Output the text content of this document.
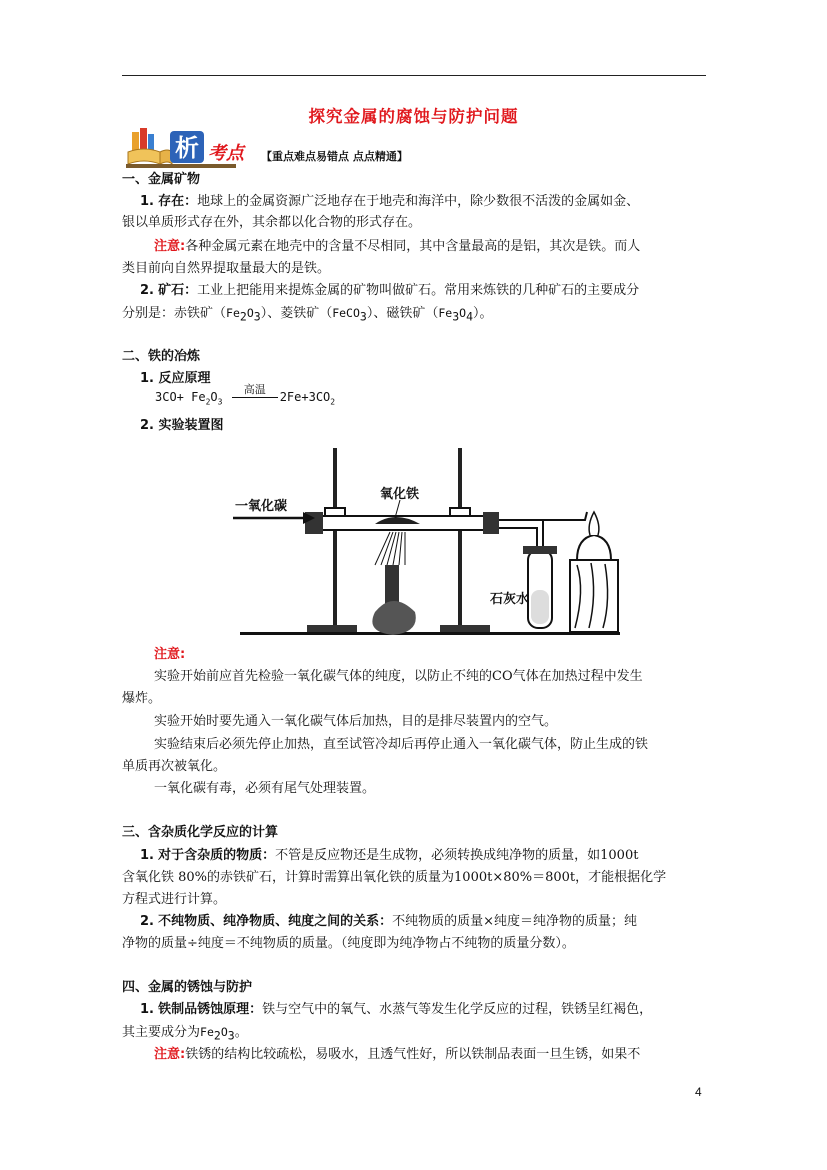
探究金属的腐蚀与防护问题
析 考点 【重点难点易错点 点点精通】
一、金属矿物
1. 存在：地球上的金属资源广泛地存在于地壳和海洋中，除少数很不活泼的金属如金、
银以单质形式存在外，其余都以化合物的形式存在。
注意:各种金属元素在地壳中的含量不尽相同，其中含量最高的是铝，其次是铁。而人
类目前向自然界提取量最大的是铁。
2. 矿石：工业上把能用来提炼金属的矿物叫做矿石。常用来炼铁的几种矿石的主要成分
分别是：赤铁矿$(Fe_2O_3)$、菱铁矿（FeCO$_3$）、磁铁矿$(Fe_3O_4)$。
二、铁的冶炼
1. 反应原理
$3CO+ Fe_2O_3$
高温
$2Fe+3CO_2$
2. 实验装置图
一氧化碳
氧化铁
石灰水
注意:
实验开始前应首先检验一氧化碳气体的纯度，以防止不纯的CO气体在加热过程中发生
爆炸。
实验开始时要先通入一氧化碳气体后加热，目的是排尽装置内的空气。
实验结束后必须先停止加热，直至试管冷却后再停止通入一氧化碳气体，防止生成的铁
单质再次被氧化。
一氧化碳有毒，必须有尾气处理装置。
三、含杂质化学反应的计算
1. 对于含杂质的物质：不管是反应物还是生成物，必须转换成纯净物的质量，如1000t
含氧化铁 80%的赤铁矿石，计算时需算出氧化铁的质量为1000t×80%＝800t，才能根据化学
方程式进行计算。
2. 不纯物质、纯净物质、纯度之间的关系：不纯物质的质量×纯度＝纯净物的质量；纯
净物的质量÷纯度＝不纯物质的质量。（纯度即为纯净物占不纯物的质量分数）。
四、金属的锈蚀与防护
1. 铁制品锈蚀原理：铁与空气中的氧气、水蒸气等发生化学反应的过程，铁锈呈红褐色，
其主要成分为$Fe_2O_3$。
注意:铁锈的结构比较疏松，易吸水，且透气性好，所以铁制品表面一旦生锈，如果不
4
